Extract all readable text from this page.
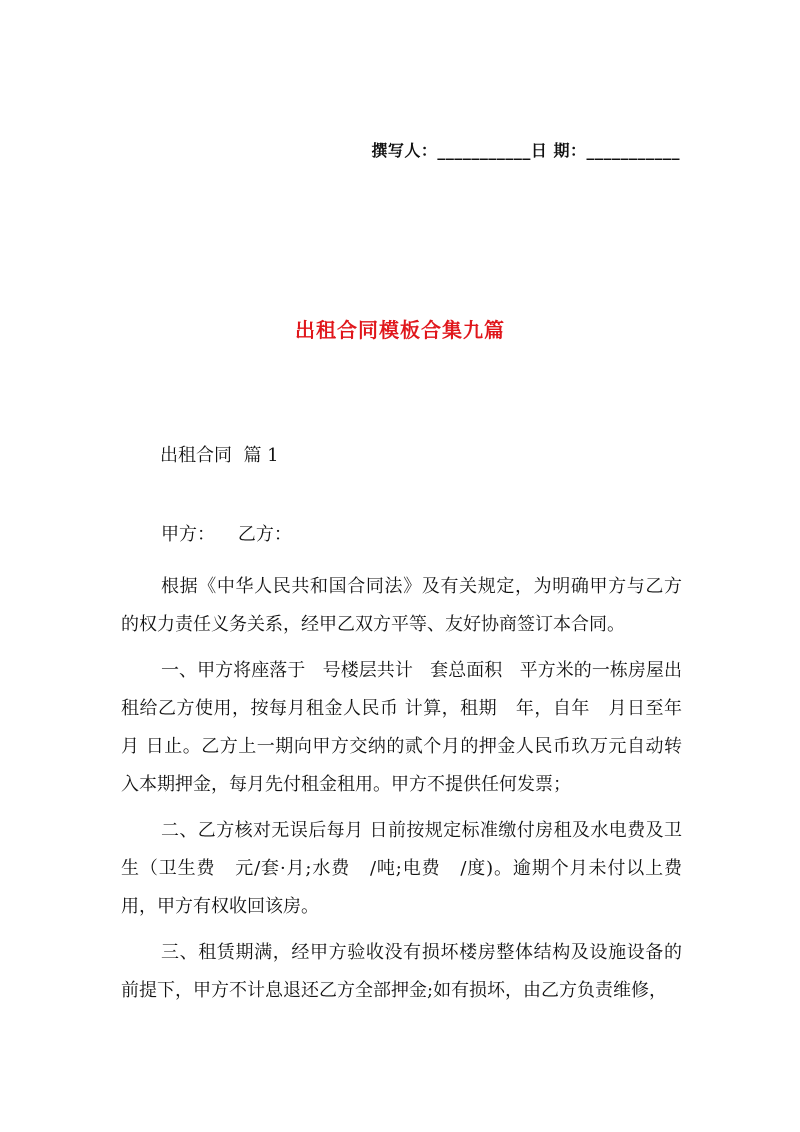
撰写人：___________日 期：___________
出租合同模板合集九篇
出租合同  篇 1

甲方：    乙方：

根据《中华人民共和国合同法》及有关规定，为明确甲方与乙方的权力责任义务关系，经甲乙双方平等、友好协商签订本合同。

一、甲方将座落于   号楼层共计   套总面积   平方米的一栋房屋出租给乙方使用，按每月租金人民币 计算，租期   年，自年   月日至年月 日止。乙方上一期向甲方交纳的贰个月的押金人民币玖万元自动转入本期押金，每月先付租金租用。甲方不提供任何发票；

二、乙方核对无误后每月 日前按规定标准缴付房租及水电费及卫生（卫生费   元/套·月;水费   /吨;电费   /度)。逾期个月未付以上费用，甲方有权收回该房。

三、租赁期满，经甲方验收没有损坏楼房整体结构及设施设备的前提下，甲方不计息退还乙方全部押金;如有损坏，由乙方负责维修，
